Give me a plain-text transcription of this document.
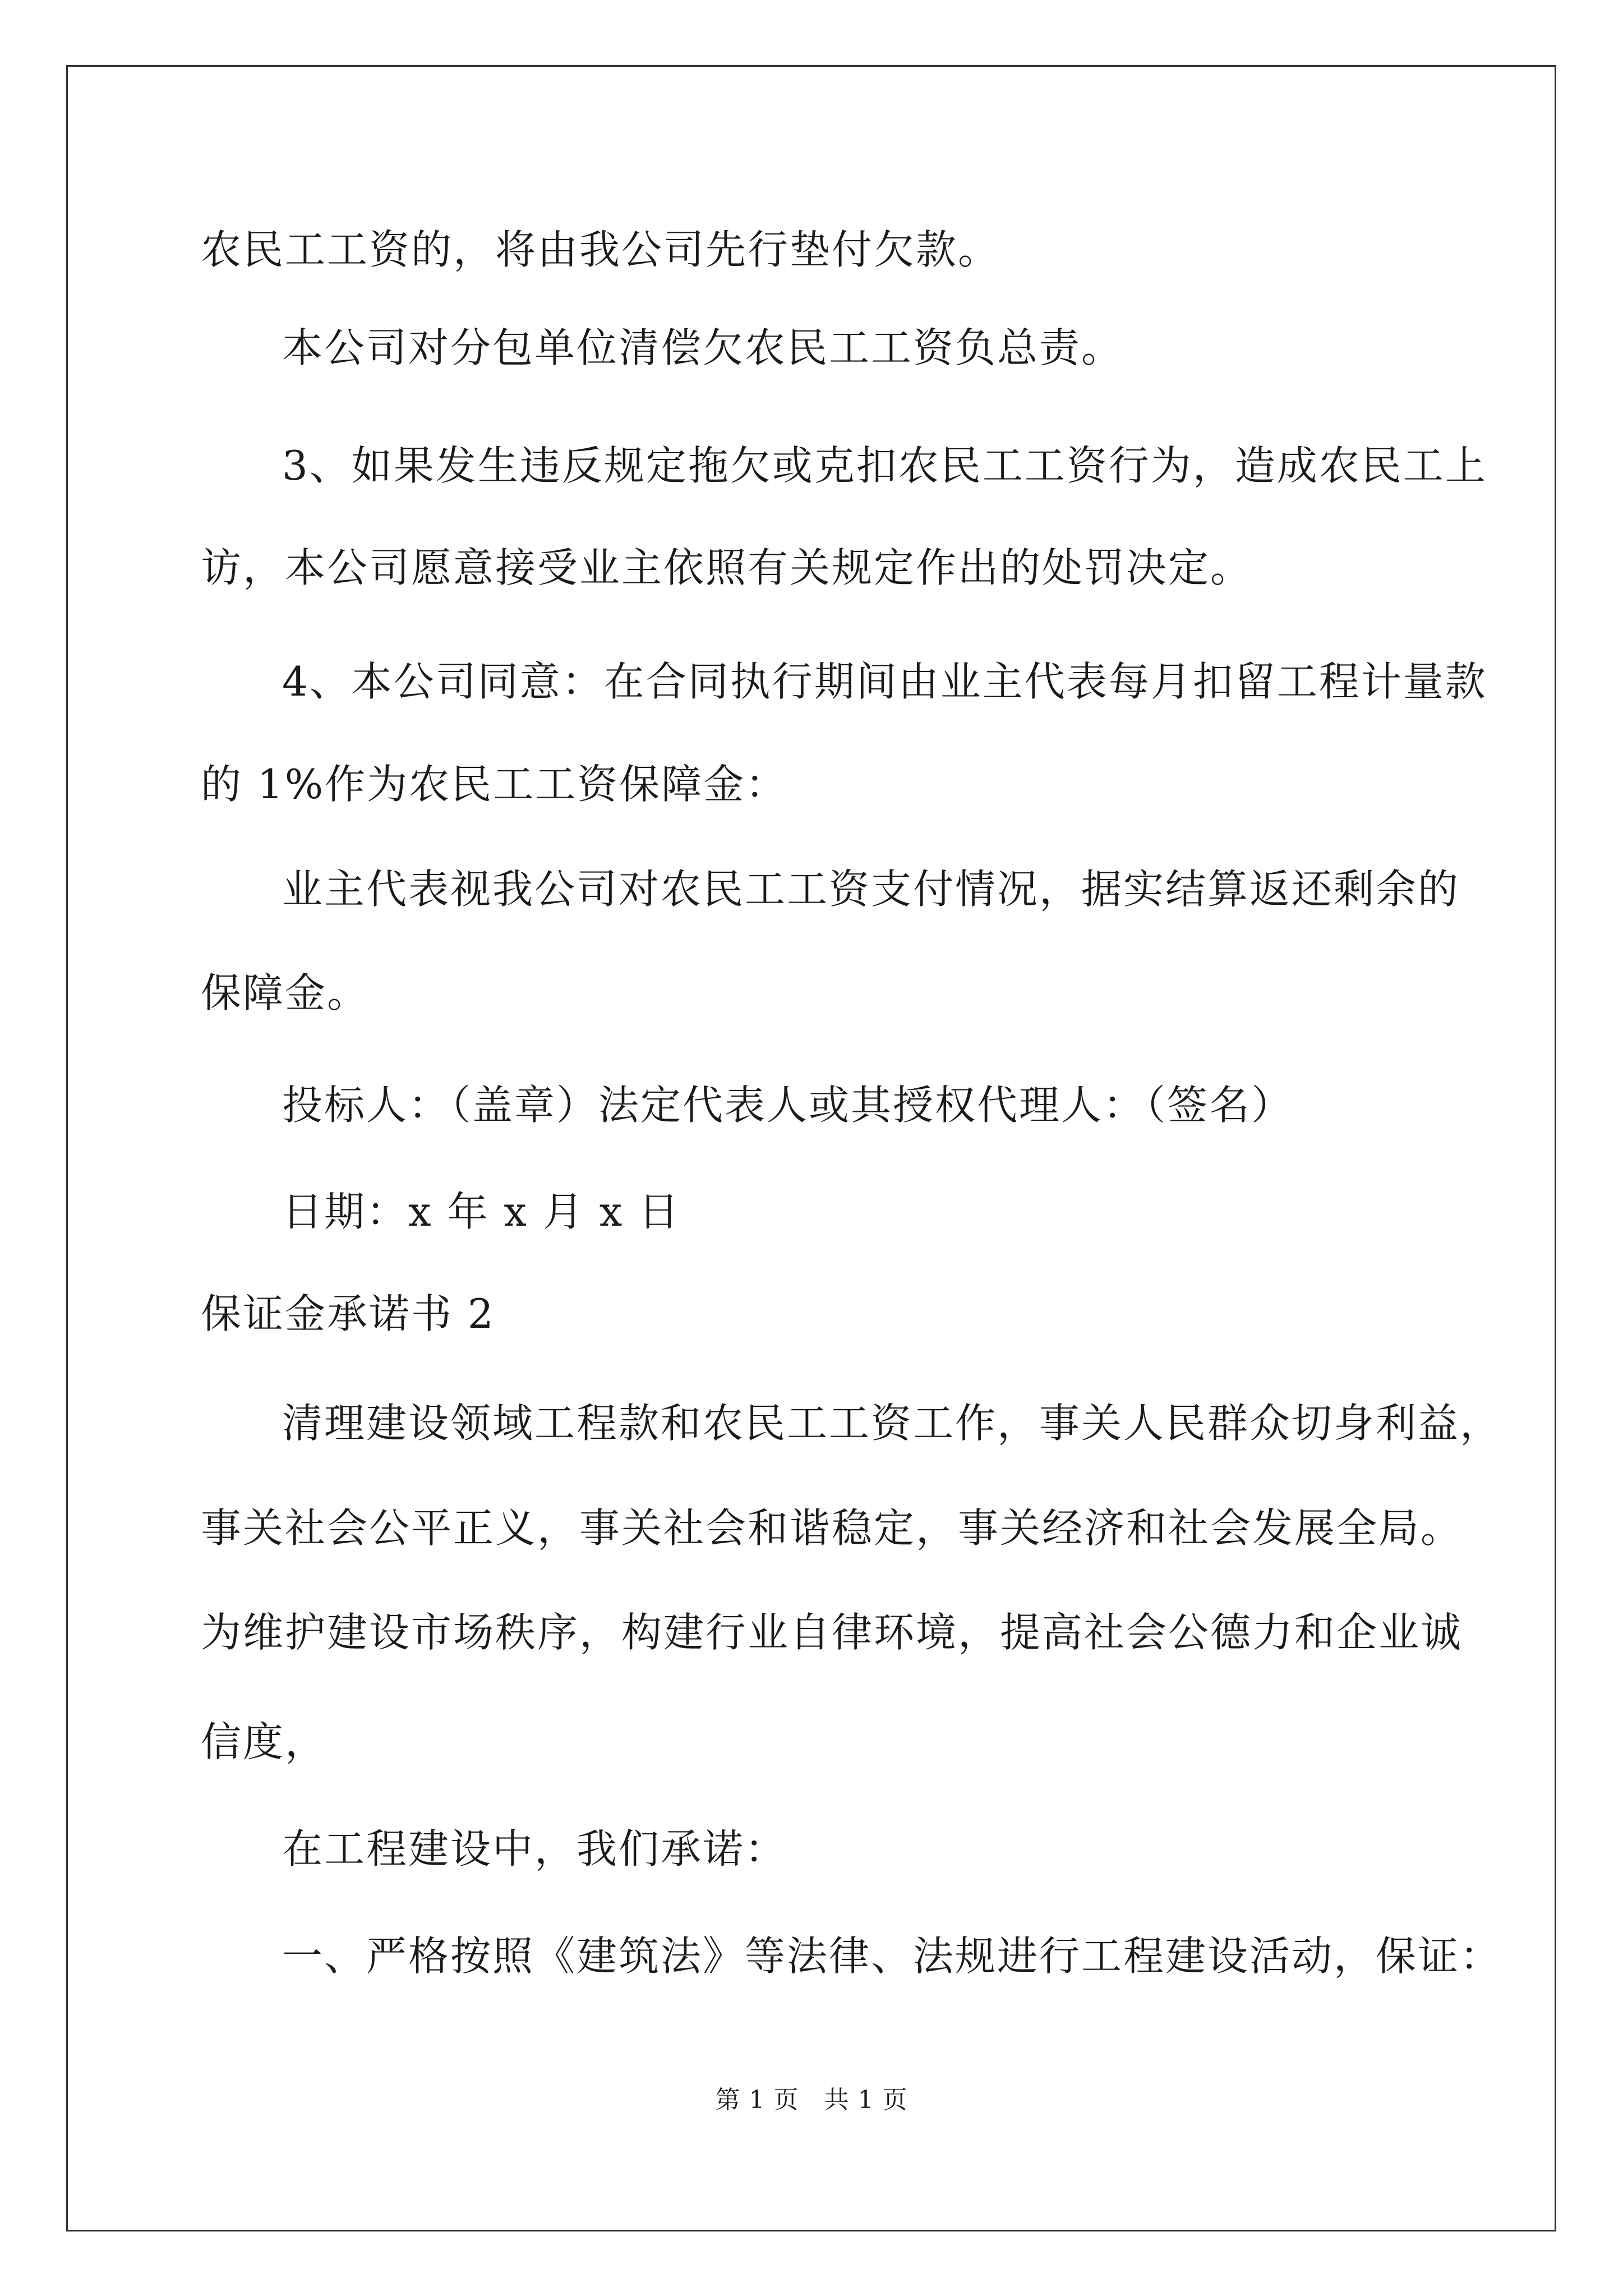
农民工工资的，将由我公司先行垫付欠款。
本公司对分包单位清偿欠农民工工资负总责。
3、如果发生违反规定拖欠或克扣农民工工资行为，造成农民工上
访，本公司愿意接受业主依照有关规定作出的处罚决定。
4、本公司同意：在合同执行期间由业主代表每月扣留工程计量款
的 1%作为农民工工资保障金：
业主代表视我公司对农民工工资支付情况，据实结算返还剩余的
保障金。
投标人：（盖章）法定代表人或其授权代理人：（签名）
日期：x 年 x 月 x 日
保证金承诺书 2
清理建设领域工程款和农民工工资工作，事关人民群众切身利益，
事关社会公平正义，事关社会和谐稳定，事关经济和社会发展全局。
为维护建设市场秩序，构建行业自律环境，提高社会公德力和企业诚
信度，
在工程建设中，我们承诺：
一、严格按照《建筑法》等法律、法规进行工程建设活动，保证：
第 1 页　共 1 页
